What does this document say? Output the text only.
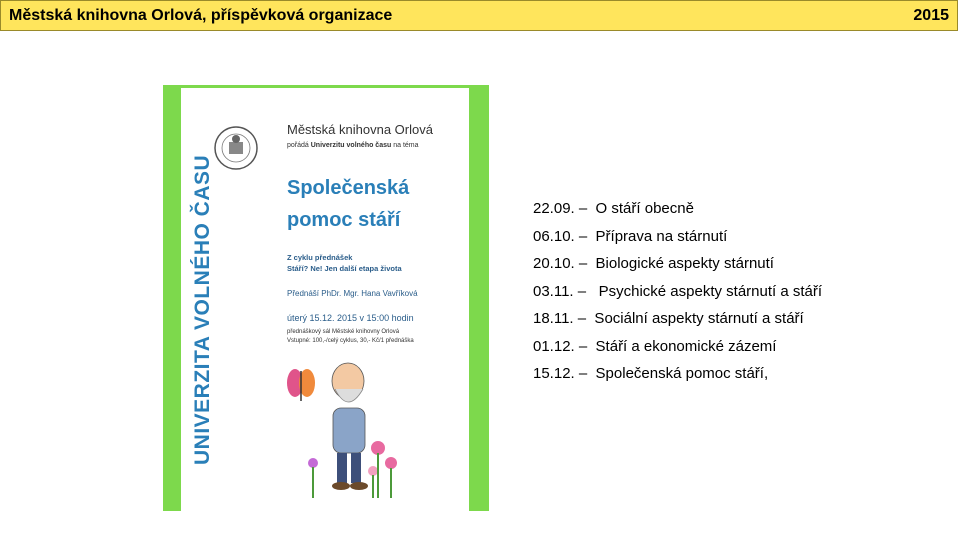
Městská knihovna Orlová, příspěvková organizace	2015
UNIVERZITA VOLNÉHO ČASU
Městská knihovna Orlová
pořádá Univerzitu volného času na téma
Společenská
pomoc stáří
Z cyklu přednášek
Stáří? Ne! Jen další etapa života
Přednáší PhDr. Mgr. Hana Vavříková
úterý 15.12. 2015 v 15:00 hodin
přednáškový sál Městské knihovny Orlová
Vstupné: 100,-/celý cyklus, 30,- Kč/1 přednáška
22.09. –  O stáří obecně
06.10. –  Příprava na stárnutí
20.10. –  Biologické aspekty stárnutí
03.11. –   Psychické aspekty stárnutí a stáří
18.11. –  Sociální aspekty stárnutí a stáří
01.12. –  Stáří a ekonomické zázemí
15.12. –  Společenská pomoc stáří,
